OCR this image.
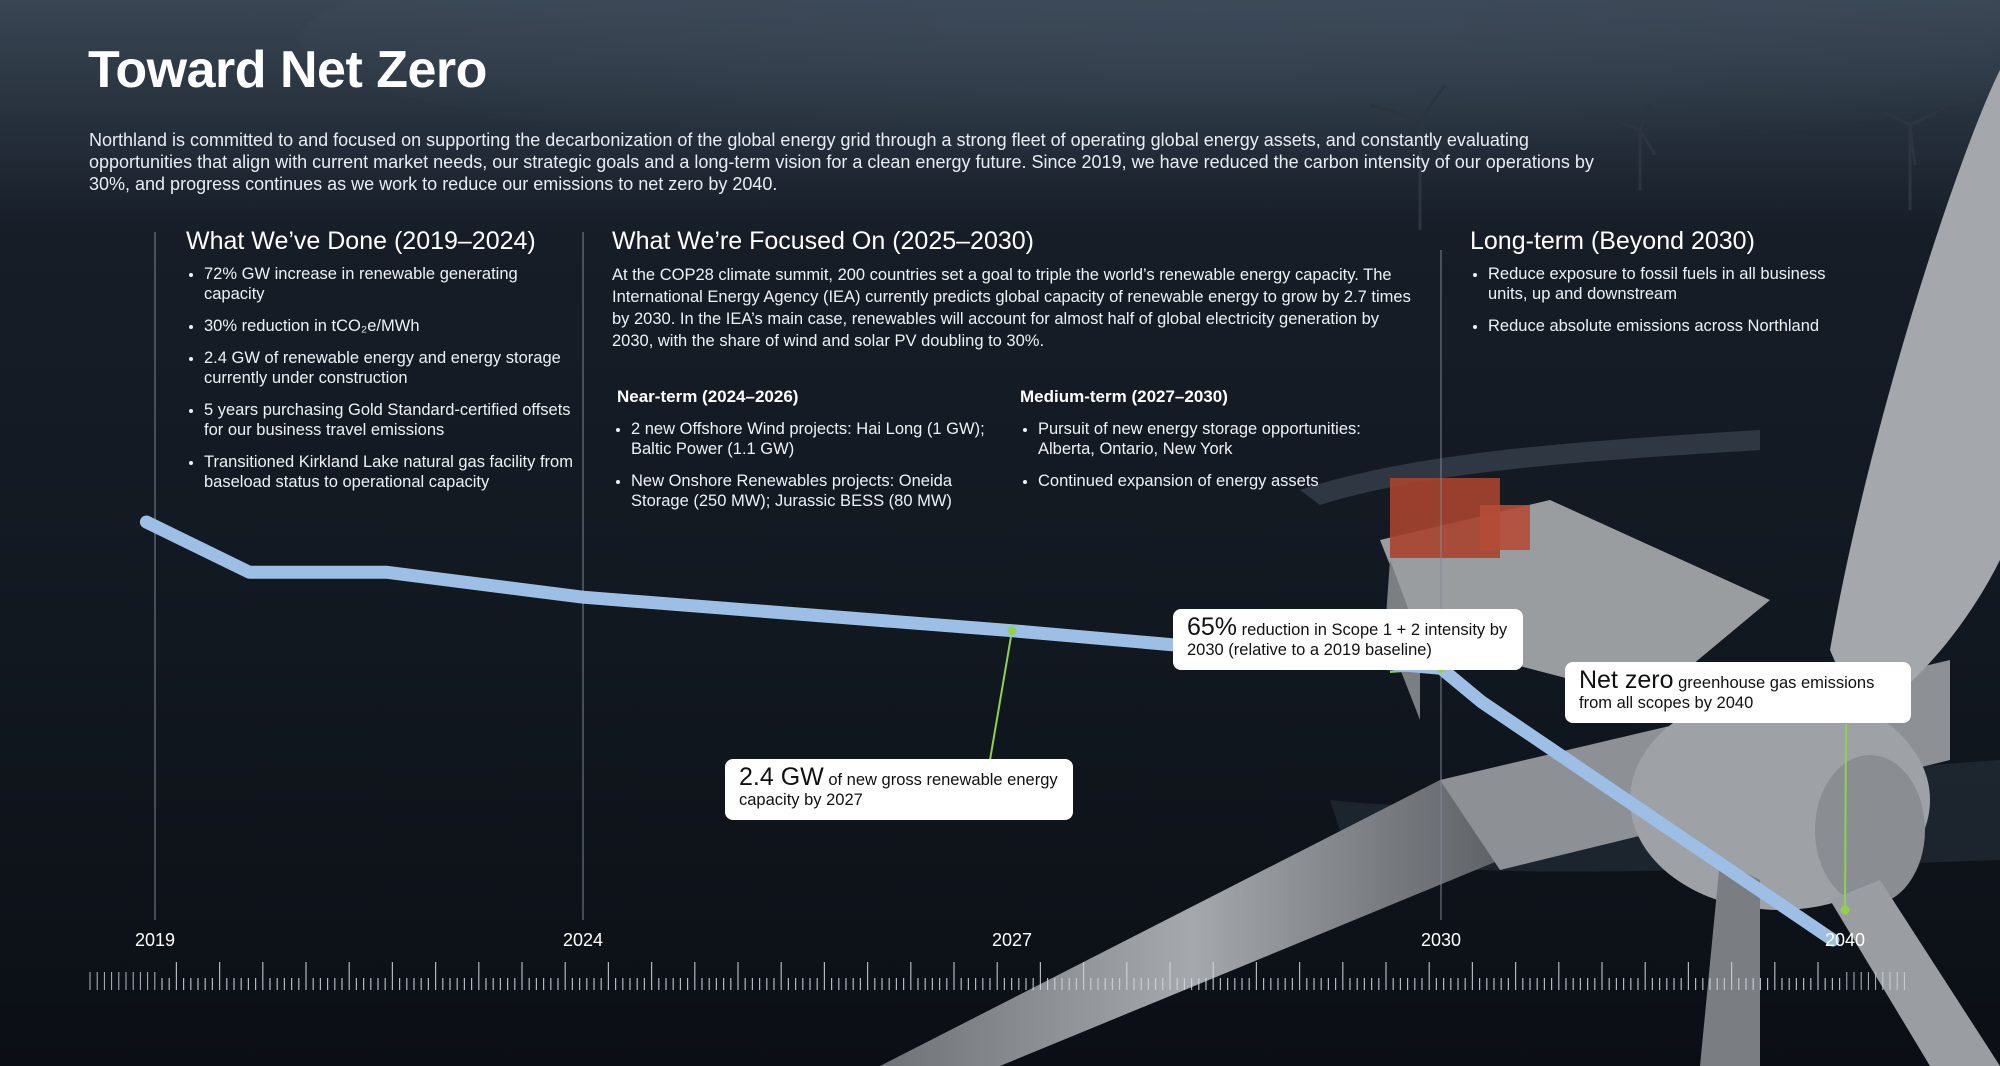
Toward Net Zero
Northland is committed to and focused on supporting the decarbonization of the global energy grid through a strong fleet of operating global energy assets, and constantly evaluating opportunities that align with current market needs, our strategic goals and a long-term vision for a clean energy future. Since 2019, we have reduced the carbon intensity of our operations by 30%, and progress continues as we work to reduce our emissions to net zero by 2040.
What We’ve Done (2019–2024)
• 72% GW increase in renewable generating capacity
• 30% reduction in tCO₂e/MWh
• 2.4 GW of renewable energy and energy storage currently under construction
• 5 years purchasing Gold Standard-certified offsets for our business travel emissions
• Transitioned Kirkland Lake natural gas facility from baseload status to operational capacity
What We’re Focused On (2025–2030)

At the COP28 climate summit, 200 countries set a goal to triple the world’s renewable energy capacity. The International Energy Agency (IEA) currently predicts global capacity of renewable energy to grow by 2.7 times by 2030. In the IEA’s main case, renewables will account for almost half of global electricity generation by 2030, with the share of wind and solar PV doubling to 30%.

Near-term (2024–2026)
• 2 new Offshore Wind projects: Hai Long (1 GW); Baltic Power (1.1 GW)
• New Onshore Renewables projects: Oneida Storage (250 MW); Jurassic BESS (80 MW)
Medium-term (2027–2030)
• Pursuit of new energy storage opportunities: Alberta, Ontario, New York
• Continued expansion of energy assets
Long-term (Beyond 2030)
• Reduce exposure to fossil fuels in all business units, up and downstream
• Reduce absolute emissions across Northland
2019	2024	2027	2030	2040
2.4 GW of new gross renewable energy capacity by 2027
65% reduction in Scope 1 + 2 intensity by 2030 (relative to a 2019 baseline)
Net zero greenhouse gas emissions from all scopes by 2040
